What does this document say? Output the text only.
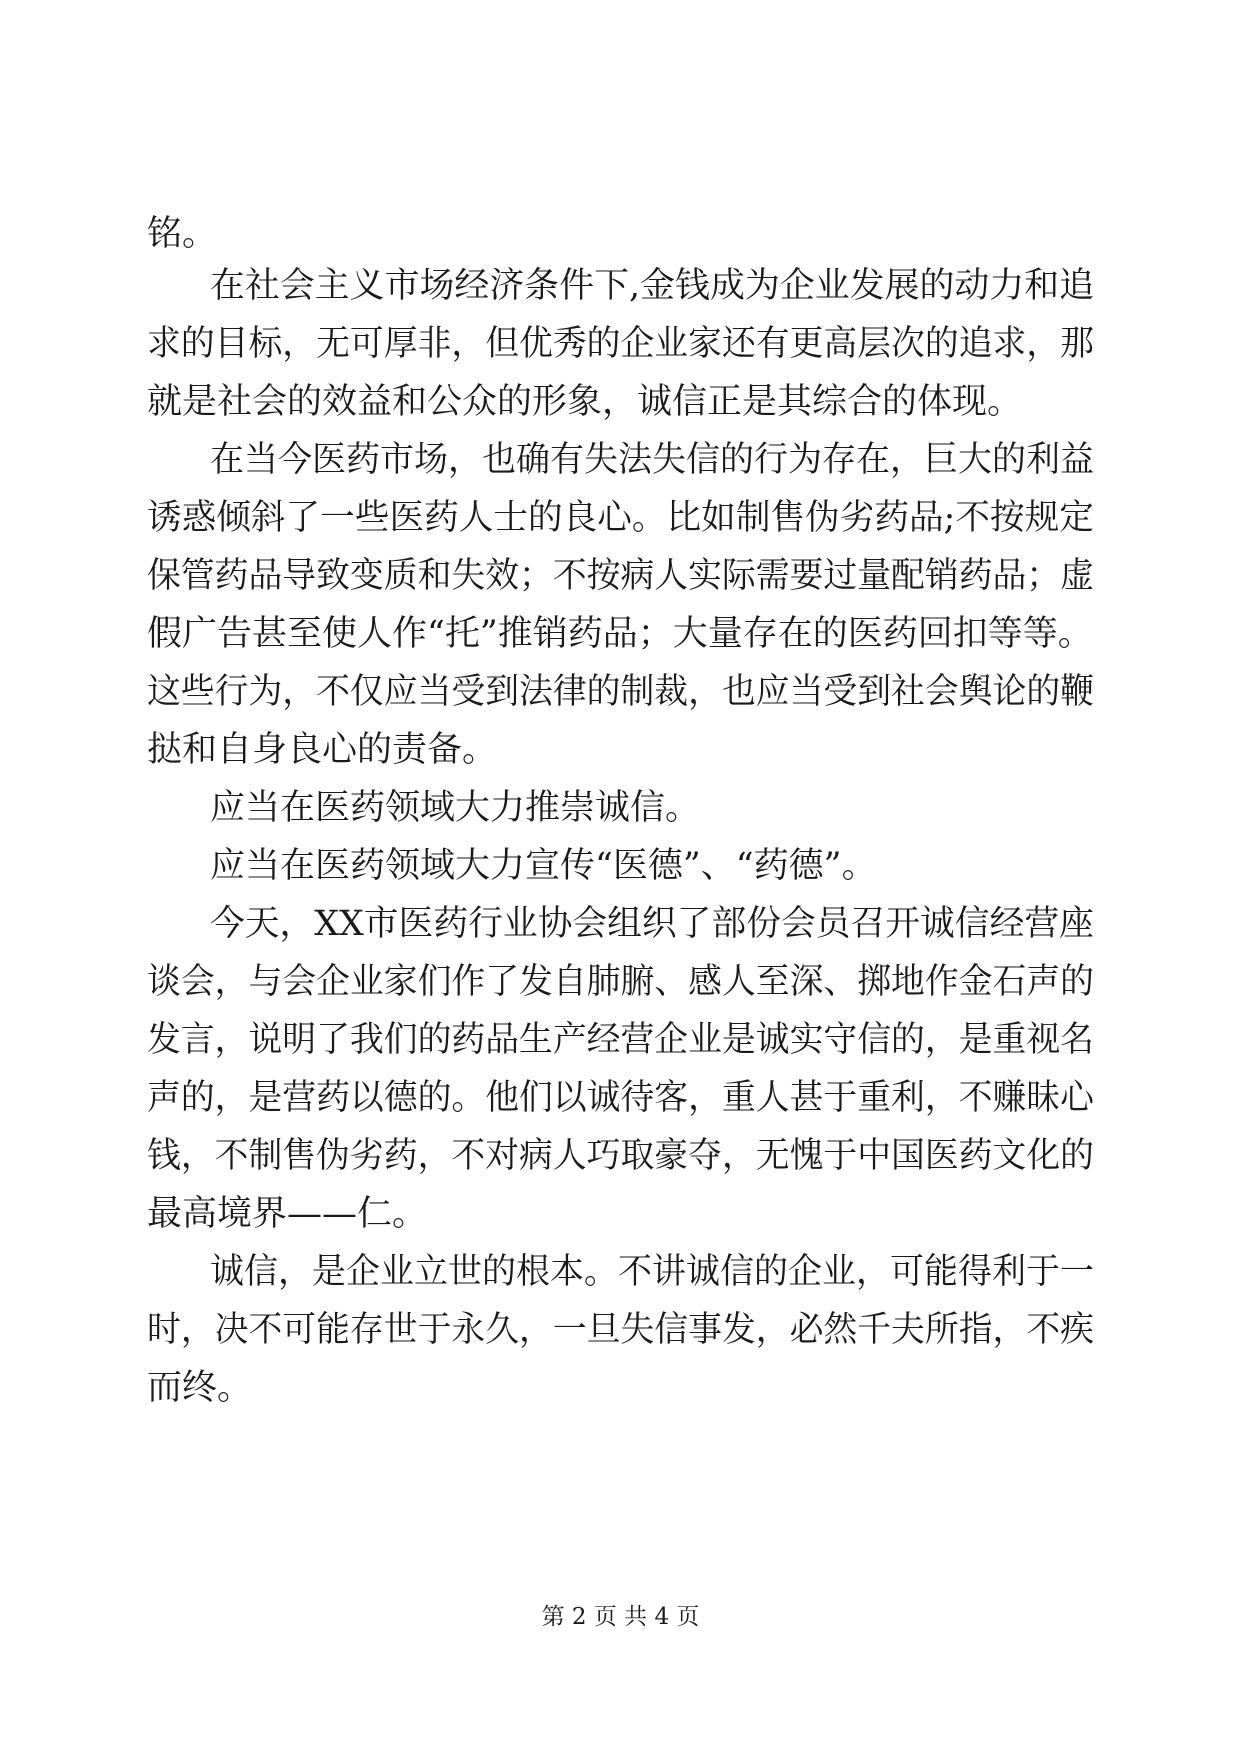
铭。

在社会主义市场经济条件下,金钱成为企业发展的动力和追

求的目标，无可厚非，但优秀的企业家还有更高层次的追求，那

就是社会的效益和公众的形象，诚信正是其综合的体现。

在当今医药市场，也确有失法失信的行为存在，巨大的利益

诱惑倾斜了一些医药人士的良心。比如制售伪劣药品;不按规定

保管药品导致变质和失效；不按病人实际需要过量配销药品；虚

假广告甚至使人作“托”推销药品；大量存在的医药回扣等等。

这些行为，不仅应当受到法律的制裁，也应当受到社会舆论的鞭

挞和自身良心的责备。

应当在医药领域大力推崇诚信。

应当在医药领域大力宣传“医德”、“药德”。

今天，XX市医药行业协会组织了部份会员召开诚信经营座

谈会，与会企业家们作了发自肺腑、感人至深、掷地作金石声的

发言，说明了我们的药品生产经营企业是诚实守信的，是重视名

声的，是营药以德的。他们以诚待客，重人甚于重利，不赚昧心

钱，不制售伪劣药，不对病人巧取豪夺，无愧于中国医药文化的

最高境界——仁。

诚信，是企业立世的根本。不讲诚信的企业，可能得利于一

时，决不可能存世于永久，一旦失信事发，必然千夫所指，不疾

而终。

第 2 页 共 4 页
